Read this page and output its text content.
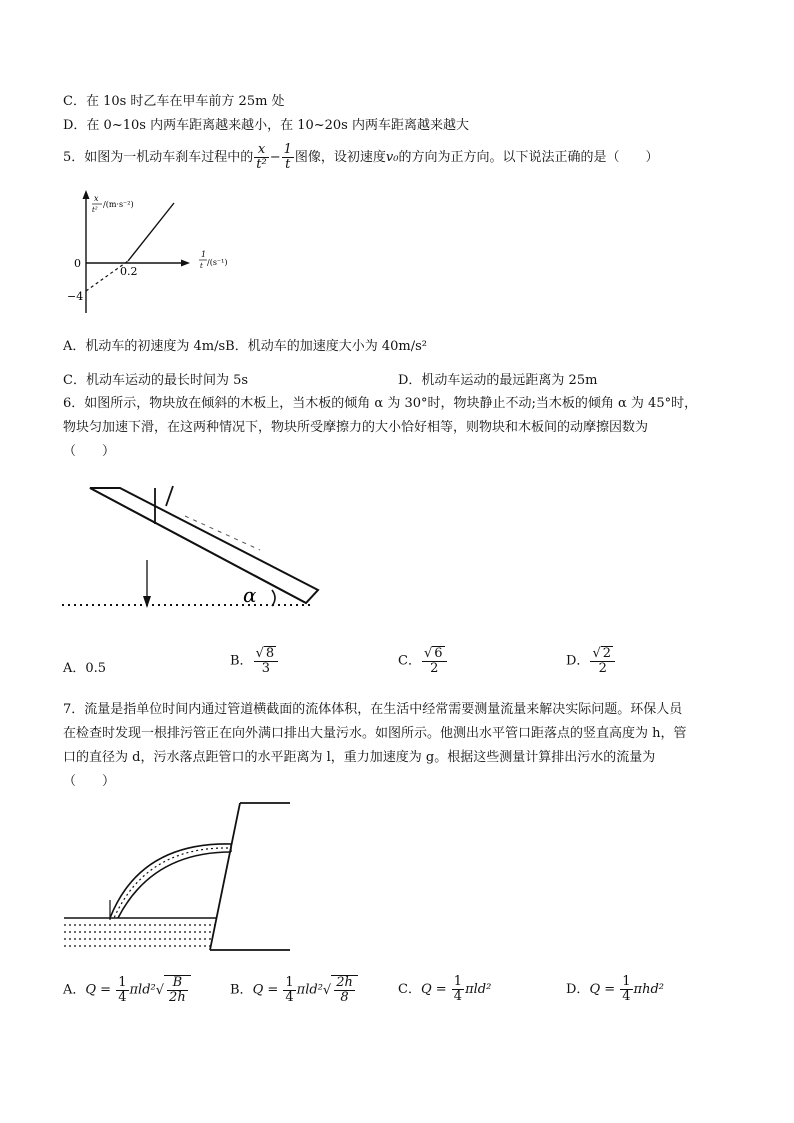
C．在 10s 时乙车在甲车前方 25m 处
D．在 0~10s 内两车距离越来越小，在 10~20s 内两车距离越来越大
5．如图为一机动车刹车过程中的 $\frac{x}{\text{t²}} - \frac{1}{t}$ 图像，设初速度v₀的方向为正方向。以下说法正确的是（　　）
x
t²
/(m·s⁻²)
1
t /(s⁻¹)
0
0.2
−4
A．机动车的初速度为 4m/sB．机动车的加速度大小为 40m/s²
C．机动车运动的最长时间为 5s	D．机动车运动的最远距离为 25m
6．如图所示，物块放在倾斜的木板上，当木板的倾角 α 为 30°时，物块静止不动;当木板的倾角 α 为 45°时，
物块匀加速下滑，在这两种情况下，物块所受摩擦力的大小恰好相等，则物块和木板间的动摩擦因数为
（　　）
α
A．0.5	B． $\frac{√ 8}{3}$	C． $\frac{√ 6}{2}$	D． $\frac{√ 2}{2}$
7．流量是指单位时间内通过管道横截面的流体体积，在生活中经常需要测量流量来解决实际问题。环保人员
在检查时发现一根排污管正在向外满口排出大量污水。如图所示。他测出水平管口距落点的竖直高度为 h，管
口的直径为 d，污水落点距管口的水平距离为 l，重力加速度为 g。根据这些测量计算排出污水的流量为
（　　）
A．$Q = \frac{1}{4} \pi ld^2√ \frac{B}{2h}$	B．$Q = \frac{1}{4} \pi ld^2√ \frac{2h}{8}$	C．$Q = \frac{1}{4} \pi ld^2$	D．$Q = \frac{1}{4} \pi hd^2$
